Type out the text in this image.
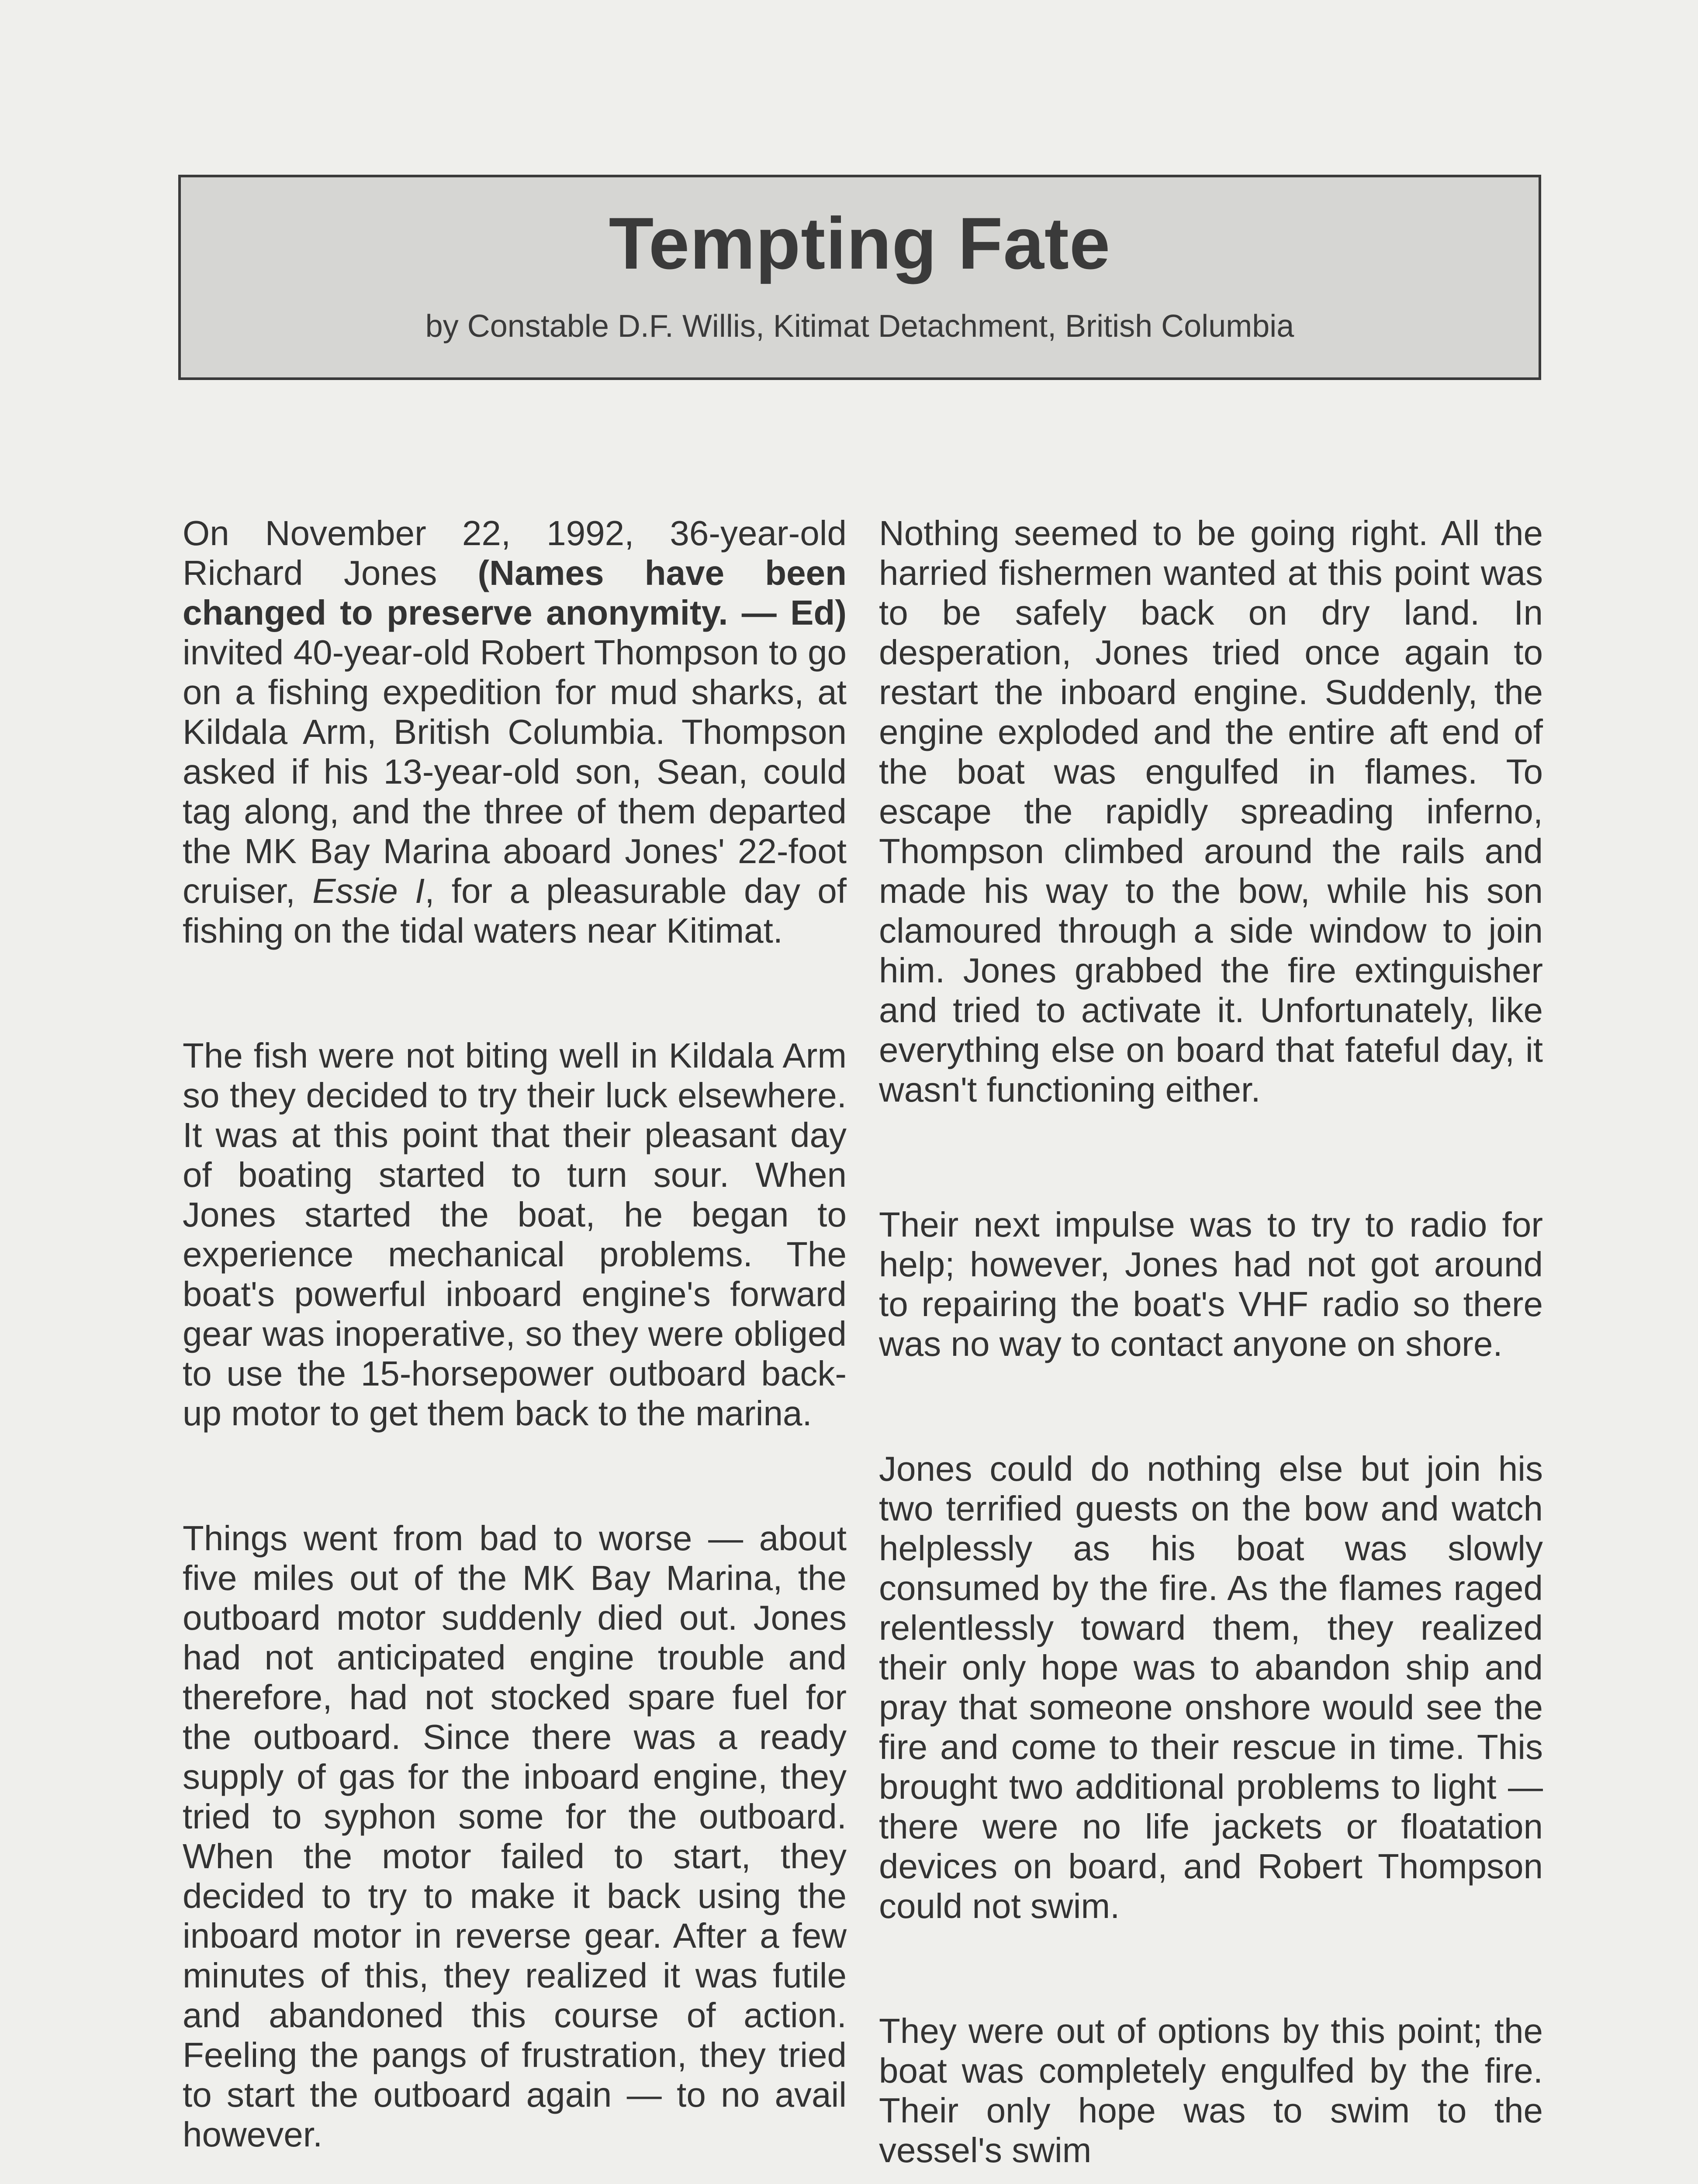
Tempting Fate
by Constable D.F. Willis, Kitimat Detachment, British Columbia

On November 22, 1992, 36-year-old Richard Jones (Names have been changed to preserve anonymity. — Ed) invited 40-year-old Robert Thompson to go on a fishing expedition for mud sharks, at Kildala Arm, British Columbia. Thompson asked if his 13-year-old son, Sean, could tag along, and the three of them departed the MK Bay Marina aboard Jones' 22-foot cruiser, Essie I, for a pleasurable day of fishing on the tidal waters near Kitimat.

The fish were not biting well in Kildala Arm so they decided to try their luck elsewhere. It was at this point that their pleasant day of boating started to turn sour. When Jones started the boat, he began to experience mechanical problems. The boat's powerful inboard engine's forward gear was inoperative, so they were obliged to use the 15-horsepower outboard back-up motor to get them back to the marina.

Things went from bad to worse — about five miles out of the MK Bay Marina, the outboard motor suddenly died out. Jones had not anticipated engine trouble and therefore, had not stocked spare fuel for the outboard. Since there was a ready supply of gas for the inboard engine, they tried to syphon some for the outboard. When the motor failed to start, they decided to try to make it back using the inboard motor in reverse gear. After a few minutes of this, they realized it was futile and abandoned this course of action. Feeling the pangs of frustration, they tried to start the outboard again — to no avail however.

Nothing seemed to be going right. All the harried fishermen wanted at this point was to be safely back on dry land. In desperation, Jones tried once again to restart the inboard engine. Suddenly, the engine exploded and the entire aft end of the boat was engulfed in flames. To escape the rapidly spreading inferno, Thompson climbed around the rails and made his way to the bow, while his son clamoured through a side window to join him. Jones grabbed the fire extinguisher and tried to activate it. Unfortunately, like everything else on board that fateful day, it wasn't functioning either.

Their next impulse was to try to radio for help; however, Jones had not got around to repairing the boat's VHF radio so there was no way to contact anyone on shore.

Jones could do nothing else but join his two terrified guests on the bow and watch helplessly as his boat was slowly consumed by the fire. As the flames raged relentlessly toward them, they realized their only hope was to abandon ship and pray that someone onshore would see the fire and come to their rescue in time. This brought two additional problems to light — there were no life jackets or floatation devices on board, and Robert Thompson could not swim.

They were out of options by this point; the boat was completely engulfed by the fire. Their only hope was to swim to the vessel's swim
